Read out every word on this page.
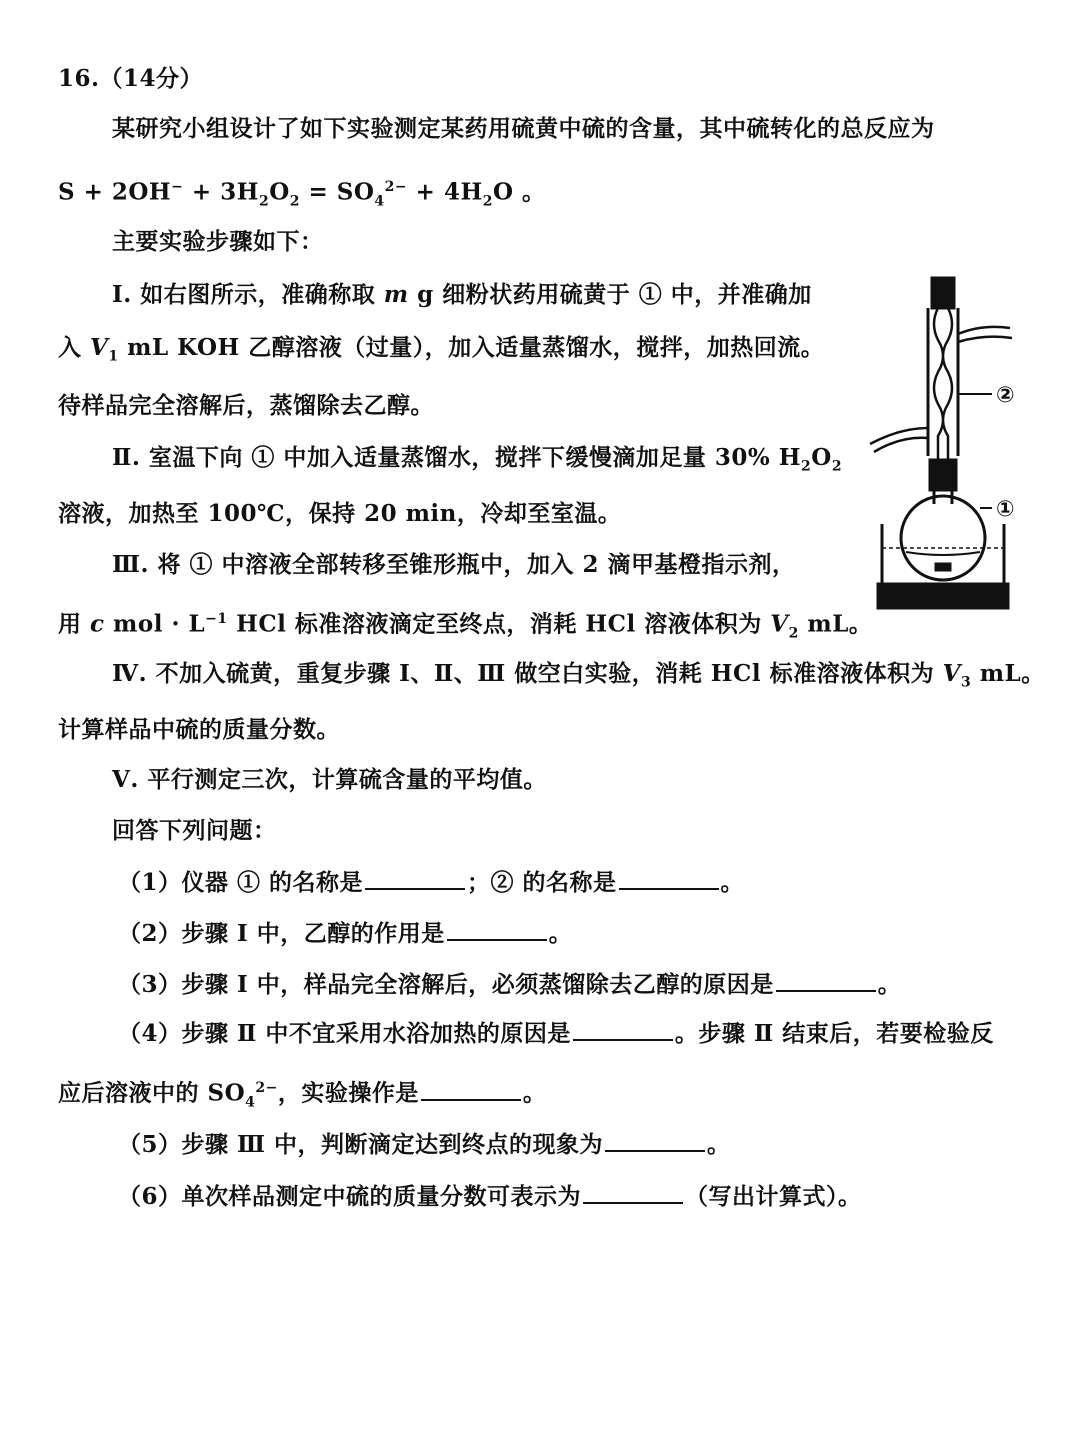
16.（14分）
某研究小组设计了如下实验测定某药用硫黄中硫的含量，其中硫转化的总反应为
$S + 2OH^- + 3H_2O_2 = SO_4^{2-} + 4H_2O$ 。
主要实验步骤如下：
Ⅰ. 如右图所示，准确称取 m g 细粉状药用硫黄于 ① 中，并准确加
入 $V_1$ mL KOH 乙醇溶液（过量），加入适量蒸馏水，搅拌，加热回流。
待样品完全溶解后，蒸馏除去乙醇。
Ⅱ. 室温下向 ① 中加入适量蒸馏水，搅拌下缓慢滴加足量 30% $H_2O_2$
溶液，加热至 100℃，保持 20 min，冷却至室温。
Ⅲ. 将 ① 中溶液全部转移至锥形瓶中，加入 2 滴甲基橙指示剂，
用 c mol · $L^{-1}$ HCl 标准溶液滴定至终点，消耗 HCl 溶液体积为 $V_2$ mL。
Ⅳ. 不加入硫黄，重复步骤 Ⅰ、Ⅱ、Ⅲ 做空白实验，消耗 HCl 标准溶液体积为 $V_3$ mL。
计算样品中硫的质量分数。
Ⅴ. 平行测定三次，计算硫含量的平均值。
回答下列问题：
（1）仪器 ① 的名称是	；② 的名称是	。
（2）步骤 Ⅰ 中，乙醇的作用是	。
（3）步骤 Ⅰ 中，样品完全溶解后，必须蒸馏除去乙醇的原因是	。
（4）步骤 Ⅱ 中不宜采用水浴加热的原因是	。步骤 Ⅱ 结束后，若要检验反
应后溶液中的 $SO_4^{2-}$，实验操作是	。
（5）步骤 Ⅲ 中，判断滴定达到终点的现象为	。
（6）单次样品测定中硫的质量分数可表示为	（写出计算式）。
②
①
